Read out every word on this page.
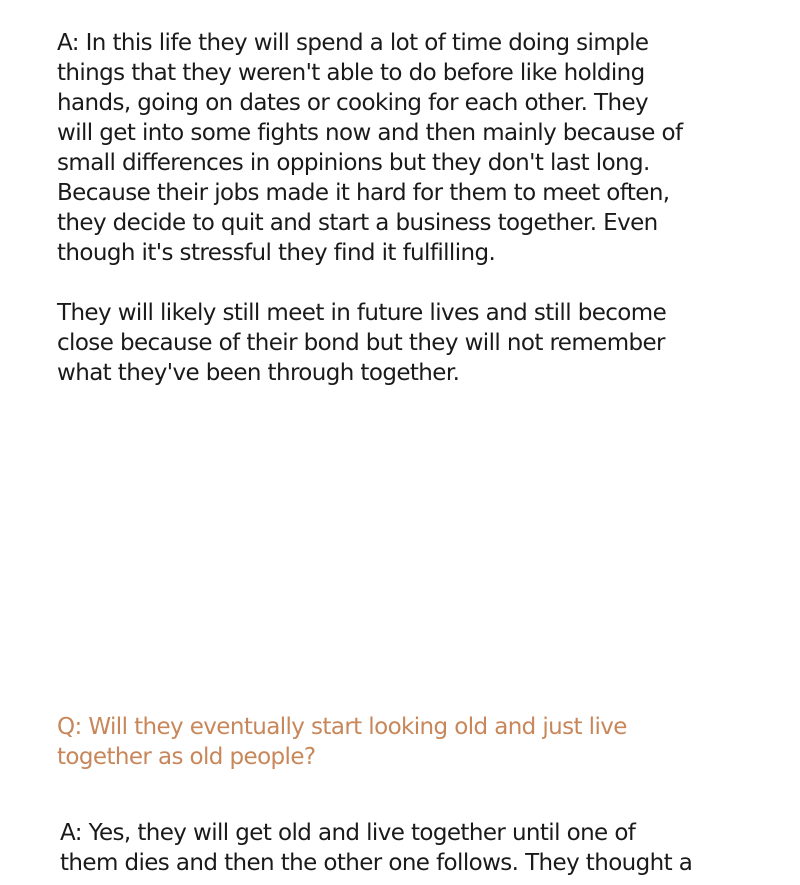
A: In this life they will spend a lot of time doing simple
things that they weren't able to do before like holding
hands, going on dates or cooking for each other. They
will get into some fights now and then mainly because of
small differences in oppinions but they don't last long.
Because their jobs made it hard for them to meet often,
they decide to quit and start a business together. Even
though it's stressful they find it fulfilling.

They will likely still meet in future lives and still become
close because of their bond but they will not remember
what they've been through together.

Q: Will they eventually start looking old and just live
together as old people?

A: Yes, they will get old and live together until one of
them dies and then the other one follows. They thought a
